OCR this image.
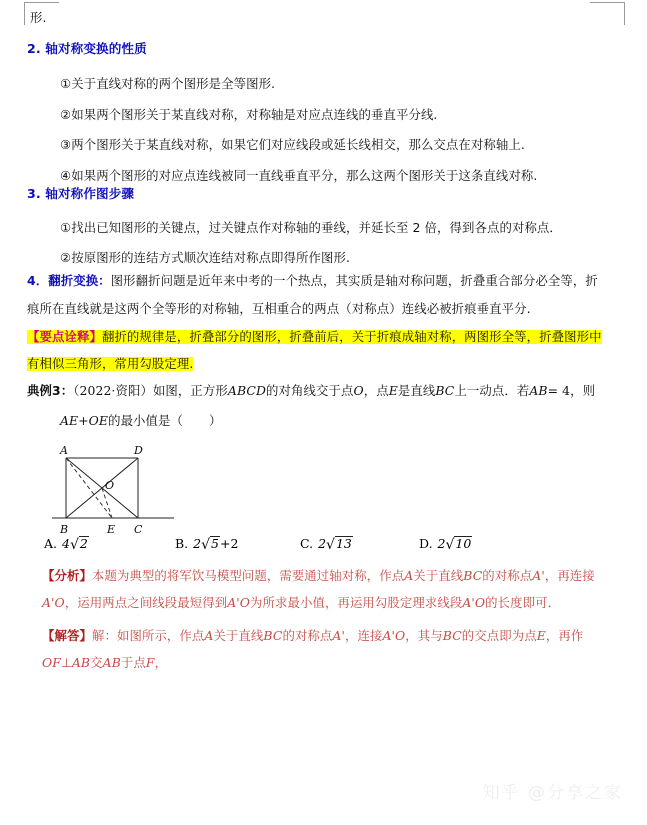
形.
2. 轴对称变换的性质
①关于直线对称的两个图形是全等图形.
②如果两个图形关于某直线对称，对称轴是对应点连线的垂直平分线.
③两个图形关于某直线对称，如果它们对应线段或延长线相交，那么交点在对称轴上.
④如果两个图形的对应点连线被同一直线垂直平分，那么这两个图形关于这条直线对称.
3. 轴对称作图步骤
①找出已知图形的关键点，过关键点作对称轴的垂线，并延长至 2 倍，得到各点的对称点．
②按原图形的连结方式顺次连结对称点即得所作图形.
4．翻折变换：图形翻折问题是近年来中考的一个热点，其实质是轴对称问题，折叠重合部分必全等，折
痕所在直线就是这两个全等形的对称轴，互相重合的两点（对称点）连线必被折痕垂直平分.
【要点诠释】翻折的规律是，折叠部分的图形，折叠前后，关于折痕成轴对称，两图形全等，折叠图形中
有相似三角形，常用勾股定理.
典例3：（2022·资阳）如图，正方形ABCD的对角线交于点O，点E是直线BC上一动点．若AB= 4，则
AE+OE的最小值是（ ）
A	D
B	C
E
O
A. 4√2	B. 2√5+2	C. 2√13	D. 2√10
【分析】本题为典型的将军饮马模型问题，需要通过轴对称，作点A关于直线BC的对称点A'，再连接
A'O，运用两点之间线段最短得到A'O为所求最小值，再运用勾股定理求线段A'O的长度即可．
【解答】解：如图所示，作点A关于直线BC的对称点A'，连接A'O，其与BC的交点即为点E，再作
OF⊥AB交AB于点F，
知乎 @分享之家
